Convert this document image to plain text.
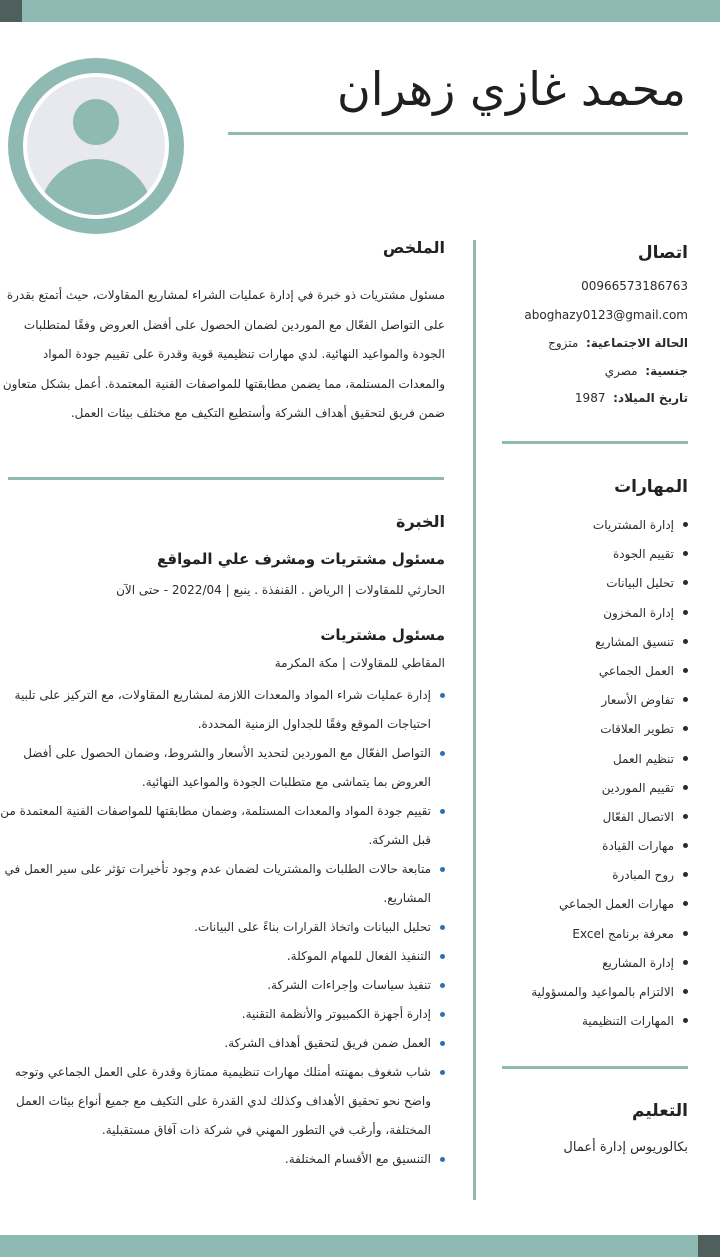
محمد غازي زهران
اتصال
00966573186763
aboghazy0123@gmail.com
الحالة الاجتماعية:  متزوج
جنسية:  مصري
تاريخ الميلاد:  1987
المهارات
إدارة المشتريات
تقييم الجودة
تحليل البيانات
إدارة المخزون
تنسيق المشاريع
العمل الجماعي
تفاوض الأسعار
تطوير العلاقات
تنظيم العمل
تقييم الموردين
الاتصال الفعّال
مهارات القيادة
روح المبادرة
مهارات العمل الجماعي
معرفة برنامج Excel
إدارة المشاريع
الالتزام بالمواعيد والمسؤولية
المهارات التنظيمية
التعليم
بكالوريوس إدارة أعمال
الملخص
مسئول مشتريات ذو خبرة في إدارة عمليات الشراء لمشاريع المقاولات، حيث أتمتع بقدرة على التواصل الفعّال مع الموردين لضمان الحصول على أفضل العروض وفقًا لمتطلبات الجودة والمواعيد النهائية. لدي مهارات تنظيمية قوية وقدرة على تقييم جودة المواد والمعدات المستلمة، مما يضمن مطابقتها للمواصفات الفنية المعتمدة. أعمل بشكل متعاون ضمن فريق لتحقيق أهداف الشركة وأستطيع التكيف مع مختلف بيئات العمل.
الخبرة
مسئول مشتريات ومشرف علي المواقع
الحارثي للمقاولات | الرياض . القنفذة . ينبع | 2022/04 - حتى الآن
مسئول مشتريات
المقاطي للمقاولات | مكة المكرمة
إدارة عمليات شراء المواد والمعدات اللازمة لمشاريع المقاولات، مع التركيز على تلبية احتياجات الموقع وفقًا للجداول الزمنية المحددة.
التواصل الفعّال مع الموردين لتحديد الأسعار والشروط، وضمان الحصول على أفضل العروض بما يتماشى مع متطلبات الجودة والمواعيد النهائية.
تقييم جودة المواد والمعدات المستلمة، وضمان مطابقتها للمواصفات الفنية المعتمدة من قبل الشركة.
متابعة حالات الطلبات والمشتريات لضمان عدم وجود تأخيرات تؤثر على سير العمل في المشاريع.
تحليل البيانات واتخاذ القرارات بناءً على البيانات.
التنفيذ الفعال للمهام الموكلة.
تنفيذ سياسات وإجراءات الشركة.
إدارة أجهزة الكمبيوتر والأنظمة التقنية.
العمل ضمن فريق لتحقيق أهداف الشركة.
شاب شغوف بمهنته أمتلك مهارات تنظيمية ممتازة وقدرة على العمل الجماعي وتوجه واضح نحو تحقيق الأهداف وكذلك لدي القدرة على التكيف مع جميع أنواع بيئات العمل المختلفة، وأرغب في التطور المهني في شركة ذات آفاق مستقبلية.
التنسيق مع الأقسام المختلفة.
